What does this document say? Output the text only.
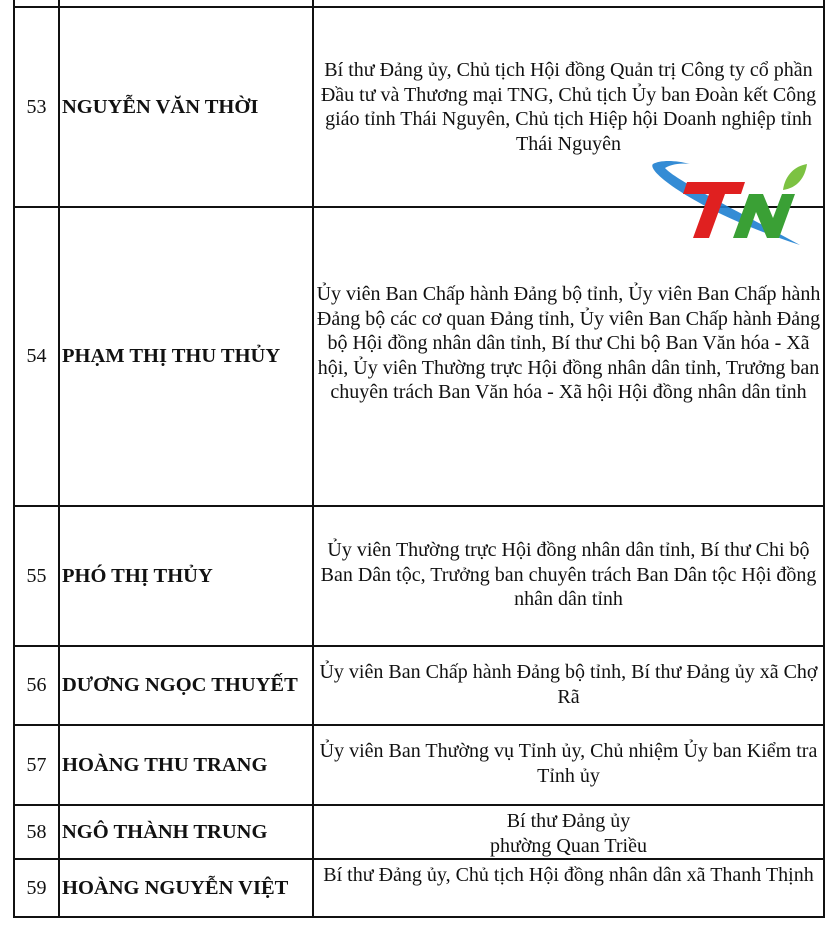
53	NGUYỄN VĂN THỜI	Bí thư Đảng ủy, Chủ tịch Hội đồng Quản trị Công ty cổ phần Đầu tư và Thương mại TNG, Chủ tịch Ủy ban Đoàn kết Công giáo tỉnh Thái Nguyên, Chủ tịch Hiệp hội Doanh nghiệp tỉnh Thái Nguyên

54	PHẠM THỊ THU THỦY	Ủy viên Ban Chấp hành Đảng bộ tỉnh, Ủy viên Ban Chấp hành Đảng bộ các cơ quan Đảng tỉnh, Ủy viên Ban Chấp hành Đảng bộ Hội đồng nhân dân tỉnh, Bí thư Chi bộ Ban Văn hóa - Xã hội, Ủy viên Thường trực Hội đồng nhân dân tỉnh, Trưởng ban chuyên trách Ban Văn hóa - Xã hội Hội đồng nhân dân tỉnh

55	PHÓ THỊ THỦY	Ủy viên Thường trực Hội đồng nhân dân tỉnh, Bí thư Chi bộ Ban Dân tộc, Trưởng ban chuyên trách Ban Dân tộc Hội đồng nhân dân tỉnh

56	DƯƠNG NGỌC THUYẾT	Ủy viên Ban Chấp hành Đảng bộ tỉnh, Bí thư Đảng ủy xã Chợ Rã

57	HOÀNG THU TRANG	Ủy viên Ban Thường vụ Tỉnh ủy, Chủ nhiệm Ủy ban Kiểm tra Tỉnh ủy

58	NGÔ THÀNH TRUNG	Bí thư Đảng ủy
phường Quan Triều

59	HOÀNG NGUYỄN VIỆT	Bí thư Đảng ủy, Chủ tịch Hội đồng nhân dân xã Thanh Thịnh
